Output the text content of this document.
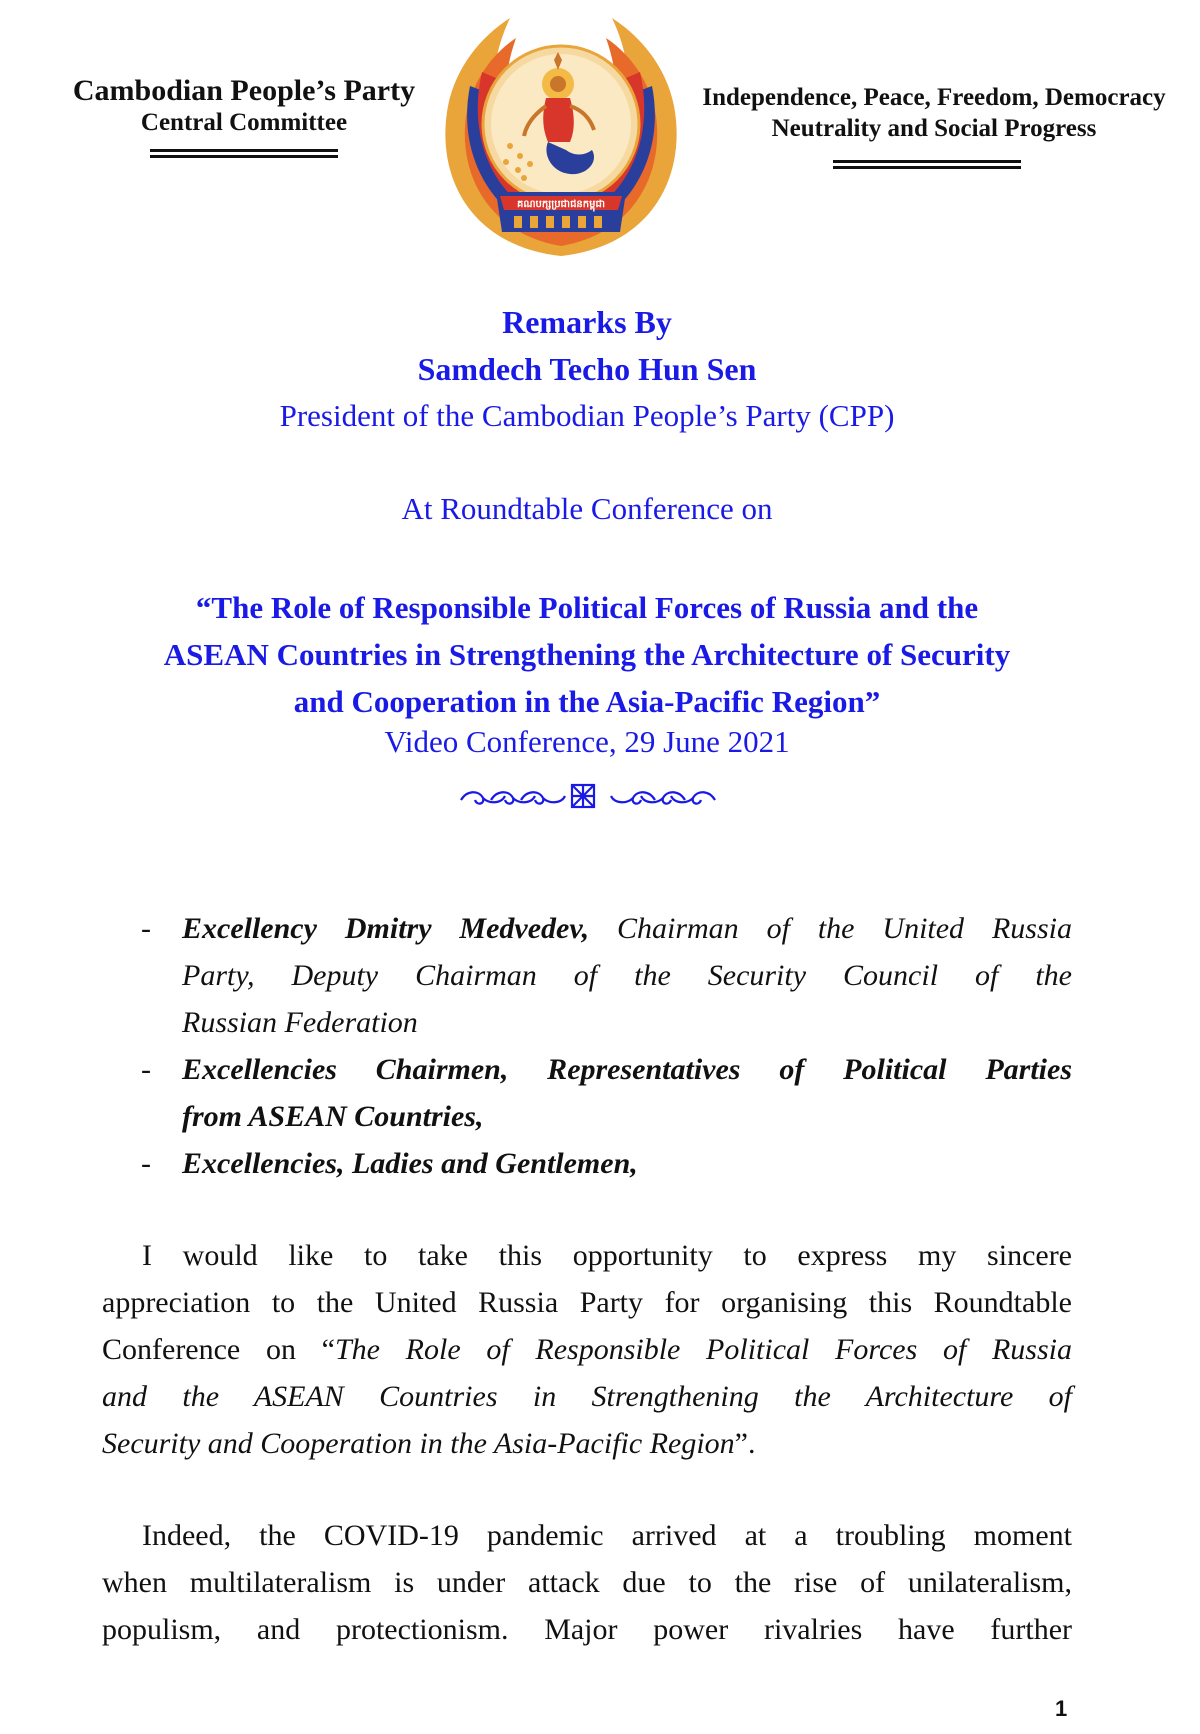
Cambodian People’s Party
Central Committee
គណបក្សប្រជាជនកម្ពុជា
Independence, Peace, Freedom, Democracy
Neutrality and Social Progress
Remarks By
Samdech Techo Hun Sen
President of the Cambodian People’s Party (CPP)
At Roundtable Conference on
“The Role of Responsible Political Forces of Russia and the
ASEAN Countries in Strengthening the Architecture of Security
and Cooperation in the Asia-Pacific Region”
Video Conference, 29 June 2021
- Excellency Dmitry Medvedev, Chairman of the United Russia
Party, Deputy Chairman of the Security Council of the
Russian Federation
- Excellencies Chairmen, Representatives of Political Parties
from ASEAN Countries,
- Excellencies, Ladies and Gentlemen,
I would like to take this opportunity to express my sincere
appreciation to the United Russia Party for organising this Roundtable
Conference on “The Role of Responsible Political Forces of Russia
and the ASEAN Countries in Strengthening the Architecture of
Security and Cooperation in the Asia-Pacific Region”.
Indeed, the COVID-19 pandemic arrived at a troubling moment
when multilateralism is under attack due to the rise of unilateralism,
populism, and protectionism. Major power rivalries have further
1
